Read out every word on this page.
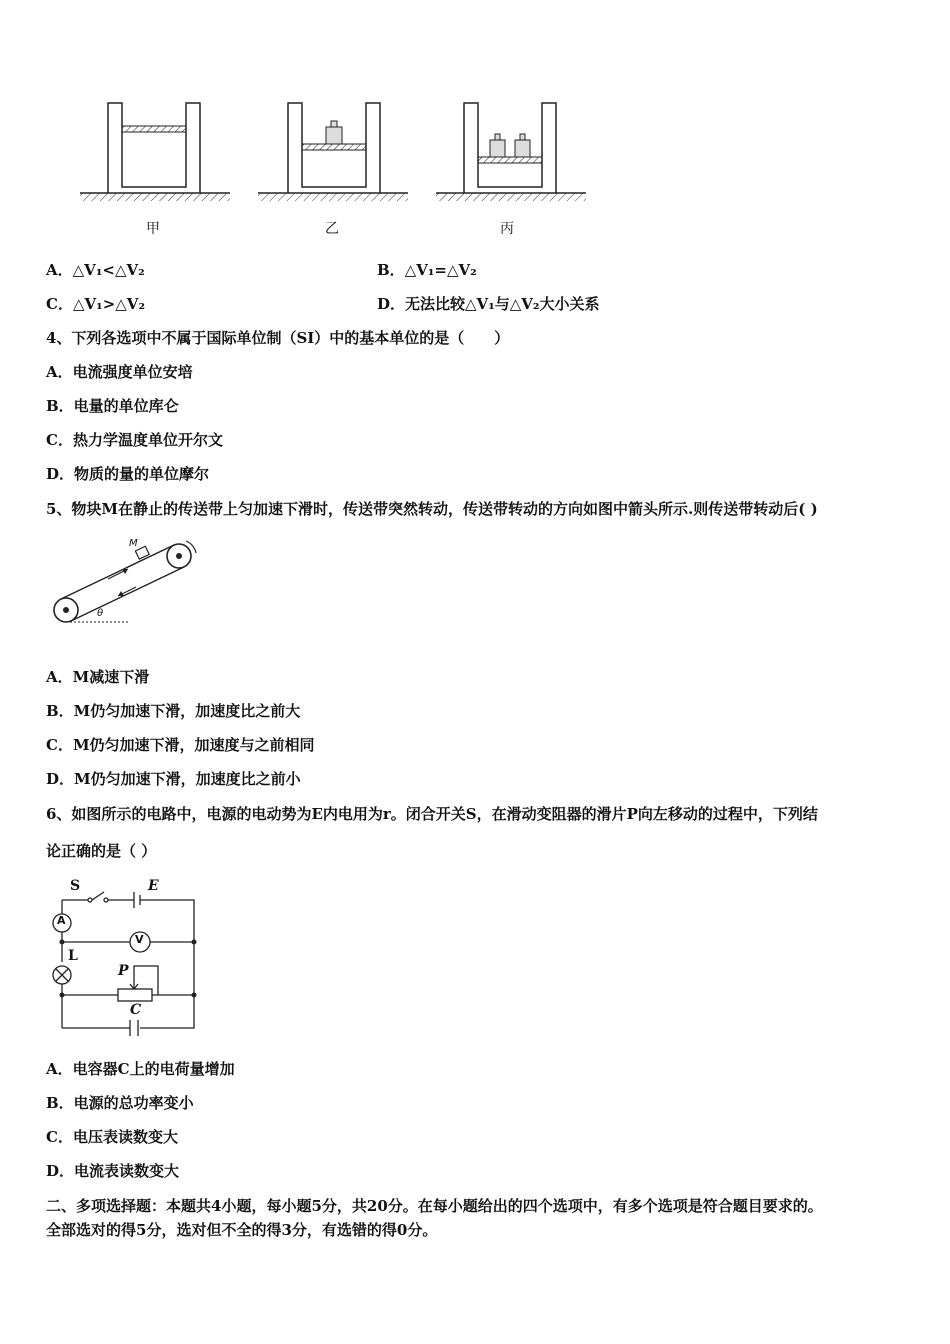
甲	乙	丙
A．△V₁<△V₂	B．△V₁=△V₂
C．△V₁>△V₂	D．无法比较△V₁与△V₂大小关系
4、下列各选项中不属于国际单位制（SI）中的基本单位的是（　　）
A．电流强度单位安培
B．电量的单位库仑
C．热力学温度单位开尔文
D．物质的量的单位摩尔
5、物块M在静止的传送带上匀加速下滑时，传送带突然转动，传送带转动的方向如图中箭头所示.则传送带转动后( )
M
θ
A．M减速下滑
B．M仍匀加速下滑，加速度比之前大
C．M仍匀加速下滑，加速度与之前相同
D．M仍匀加速下滑，加速度比之前小
6、如图所示的电路中，电源的电动势为E内电用为r。闭合开关S，在滑动变阻器的滑片P向左移动的过程中，下列结
论正确的是（ ）
S	E
A
V
L
P
C
A．电容器C上的电荷量增加
B．电源的总功率变小
C．电压表读数变大
D．电流表读数变大
二、多项选择题：本题共4小题，每小题5分，共20分。在每小题给出的四个选项中，有多个选项是符合题目要求的。
全部选对的得5分，选对但不全的得3分，有选错的得0分。
